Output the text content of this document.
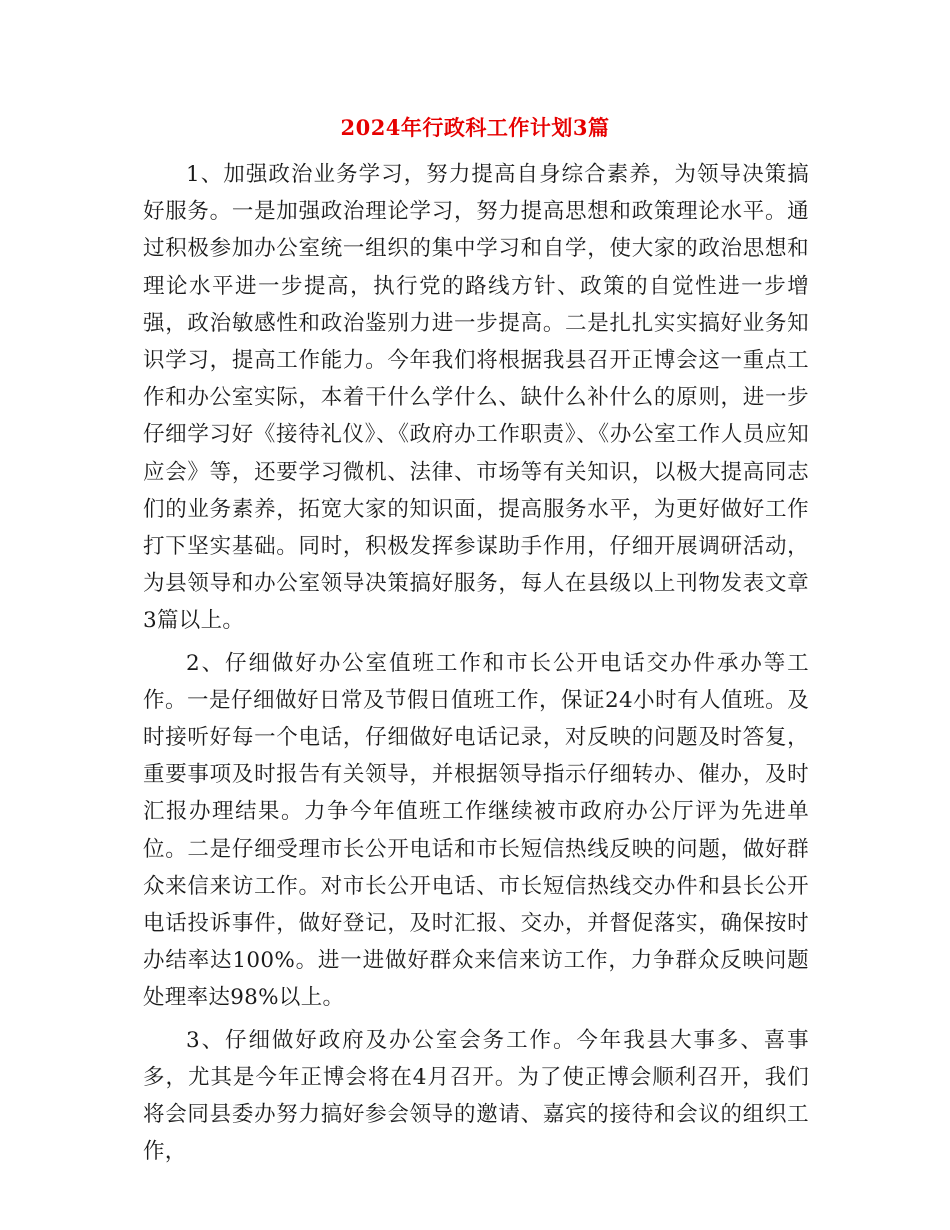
2024年行政科工作计划3篇

1、加强政治业务学习，努力提高自身综合素养，为领导决策搞好服务。一是加强政治理论学习，努力提高思想和政策理论水平。通过积极参加办公室统一组织的集中学习和自学，使大家的政治思想和理论水平进一步提高，执行党的路线方针、政策的自觉性进一步增强，政治敏感性和政治鉴别力进一步提高。二是扎扎实实搞好业务知识学习，提高工作能力。今年我们将根据我县召开正博会这一重点工作和办公室实际，本着干什么学什么、缺什么补什么的原则，进一步仔细学习好《接待礼仪》、《政府办工作职责》、《办公室工作人员应知应会》等，还要学习微机、法律、市场等有关知识，以极大提高同志们的业务素养，拓宽大家的知识面，提高服务水平，为更好做好工作打下坚实基础。同时，积极发挥参谋助手作用，仔细开展调研活动，为县领导和办公室领导决策搞好服务，每人在县级以上刊物发表文章3篇以上。

2、仔细做好办公室值班工作和市长公开电话交办件承办等工作。一是仔细做好日常及节假日值班工作，保证24小时有人值班。及时接听好每一个电话，仔细做好电话记录，对反映的问题及时答复，重要事项及时报告有关领导，并根据领导指示仔细转办、催办，及时汇报办理结果。力争今年值班工作继续被市政府办公厅评为先进单位。二是仔细受理市长公开电话和市长短信热线反映的问题，做好群众来信来访工作。对市长公开电话、市长短信热线交办件和县长公开电话投诉事件，做好登记，及时汇报、交办，并督促落实，确保按时办结率达100%。进一进做好群众来信来访工作，力争群众反映问题处理率达98%以上。

3、仔细做好政府及办公室会务工作。今年我县大事多、喜事多，尤其是今年正博会将在4月召开。为了使正博会顺利召开，我们将会同县委办努力搞好参会领导的邀请、嘉宾的接待和会议的组织工作，
